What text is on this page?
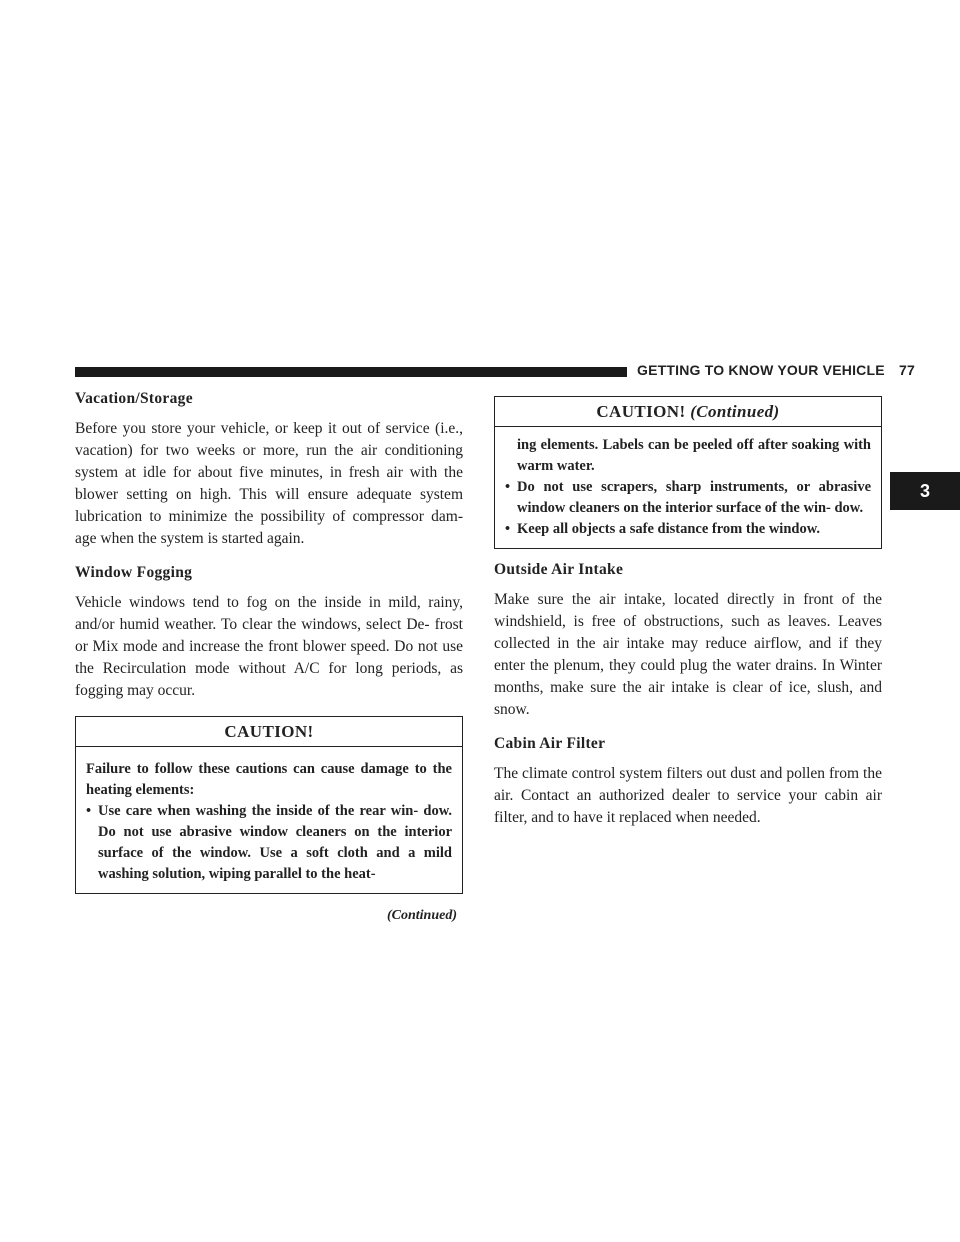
GETTING TO KNOW YOUR VEHICLE 77
3
Vacation/Storage

Before you store your vehicle, or keep it out of service (i.e., vacation) for two weeks or more, run the air conditioning system at idle for about five minutes, in fresh air with the blower setting on high. This will ensure adequate system lubrication to minimize the possibility of compressor dam- age when the system is started again.

Window Fogging

Vehicle windows tend to fog on the inside in mild, rainy, and/or humid weather. To clear the windows, select De- frost or Mix mode and increase the front blower speed. Do not use the Recirculation mode without A/C for long periods, as fogging may occur.

CAUTION!
Failure to follow these cautions can cause damage to the heating elements:
• Use care when washing the inside of the rear win- dow. Do not use abrasive window cleaners on the interior surface of the window. Use a soft cloth and a mild washing solution, wiping parallel to the heat-
(Continued)
CAUTION! (Continued)
ing elements. Labels can be peeled off after soaking with warm water.
• Do not use scrapers, sharp instruments, or abrasive window cleaners on the interior surface of the win- dow.
• Keep all objects a safe distance from the window.
Outside Air Intake

Make sure the air intake, located directly in front of the windshield, is free of obstructions, such as leaves. Leaves collected in the air intake may reduce airflow, and if they enter the plenum, they could plug the water drains. In Winter months, make sure the air intake is clear of ice, slush, and snow.

Cabin Air Filter

The climate control system filters out dust and pollen from the air. Contact an authorized dealer to service your cabin air filter, and to have it replaced when needed.
